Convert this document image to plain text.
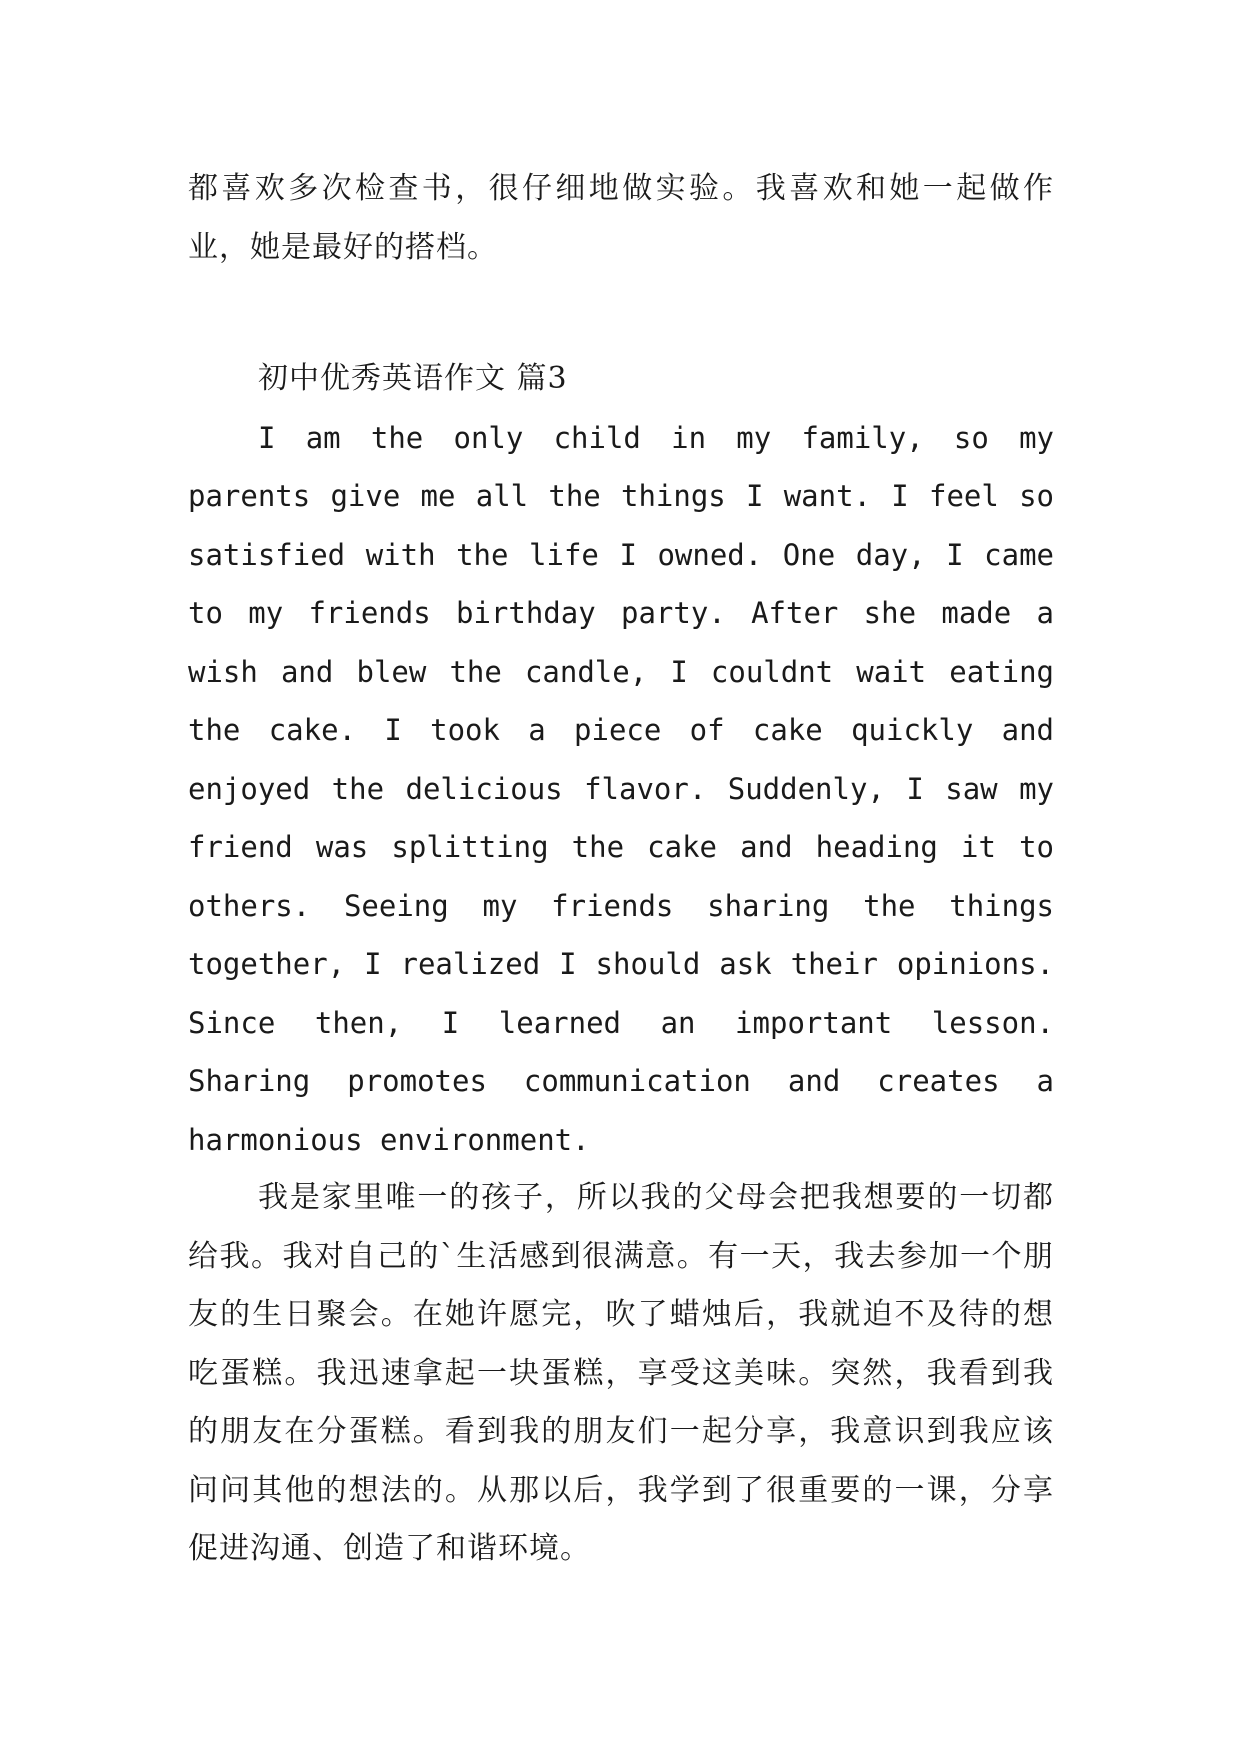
都喜欢多次检查书，很仔细地做实验。我喜欢和她一起做作业，她是最好的搭档。

初中优秀英语作文 篇3

I am the only child in my family, so my parents give me all the things I want. I feel so satisfied with the life I owned. One day, I came to my friends birthday party. After she made a wish and blew the candle, I couldnt wait eating the cake. I took a piece of cake quickly and enjoyed the delicious flavor. Suddenly, I saw my friend was splitting the cake and heading it to others. Seeing my friends sharing the things together, I realized I should ask their opinions. Since then, I learned an important lesson. Sharing promotes communication and creates a harmonious environment.

我是家里唯一的孩子，所以我的父母会把我想要的一切都给我。我对自己的`生活感到很满意。有一天，我去参加一个朋友的生日聚会。在她许愿完，吹了蜡烛后，我就迫不及待的想吃蛋糕。我迅速拿起一块蛋糕，享受这美味。突然，我看到我的朋友在分蛋糕。看到我的朋友们一起分享，我意识到我应该问问其他的想法的。从那以后，我学到了很重要的一课，分享促进沟通、创造了和谐环境。
